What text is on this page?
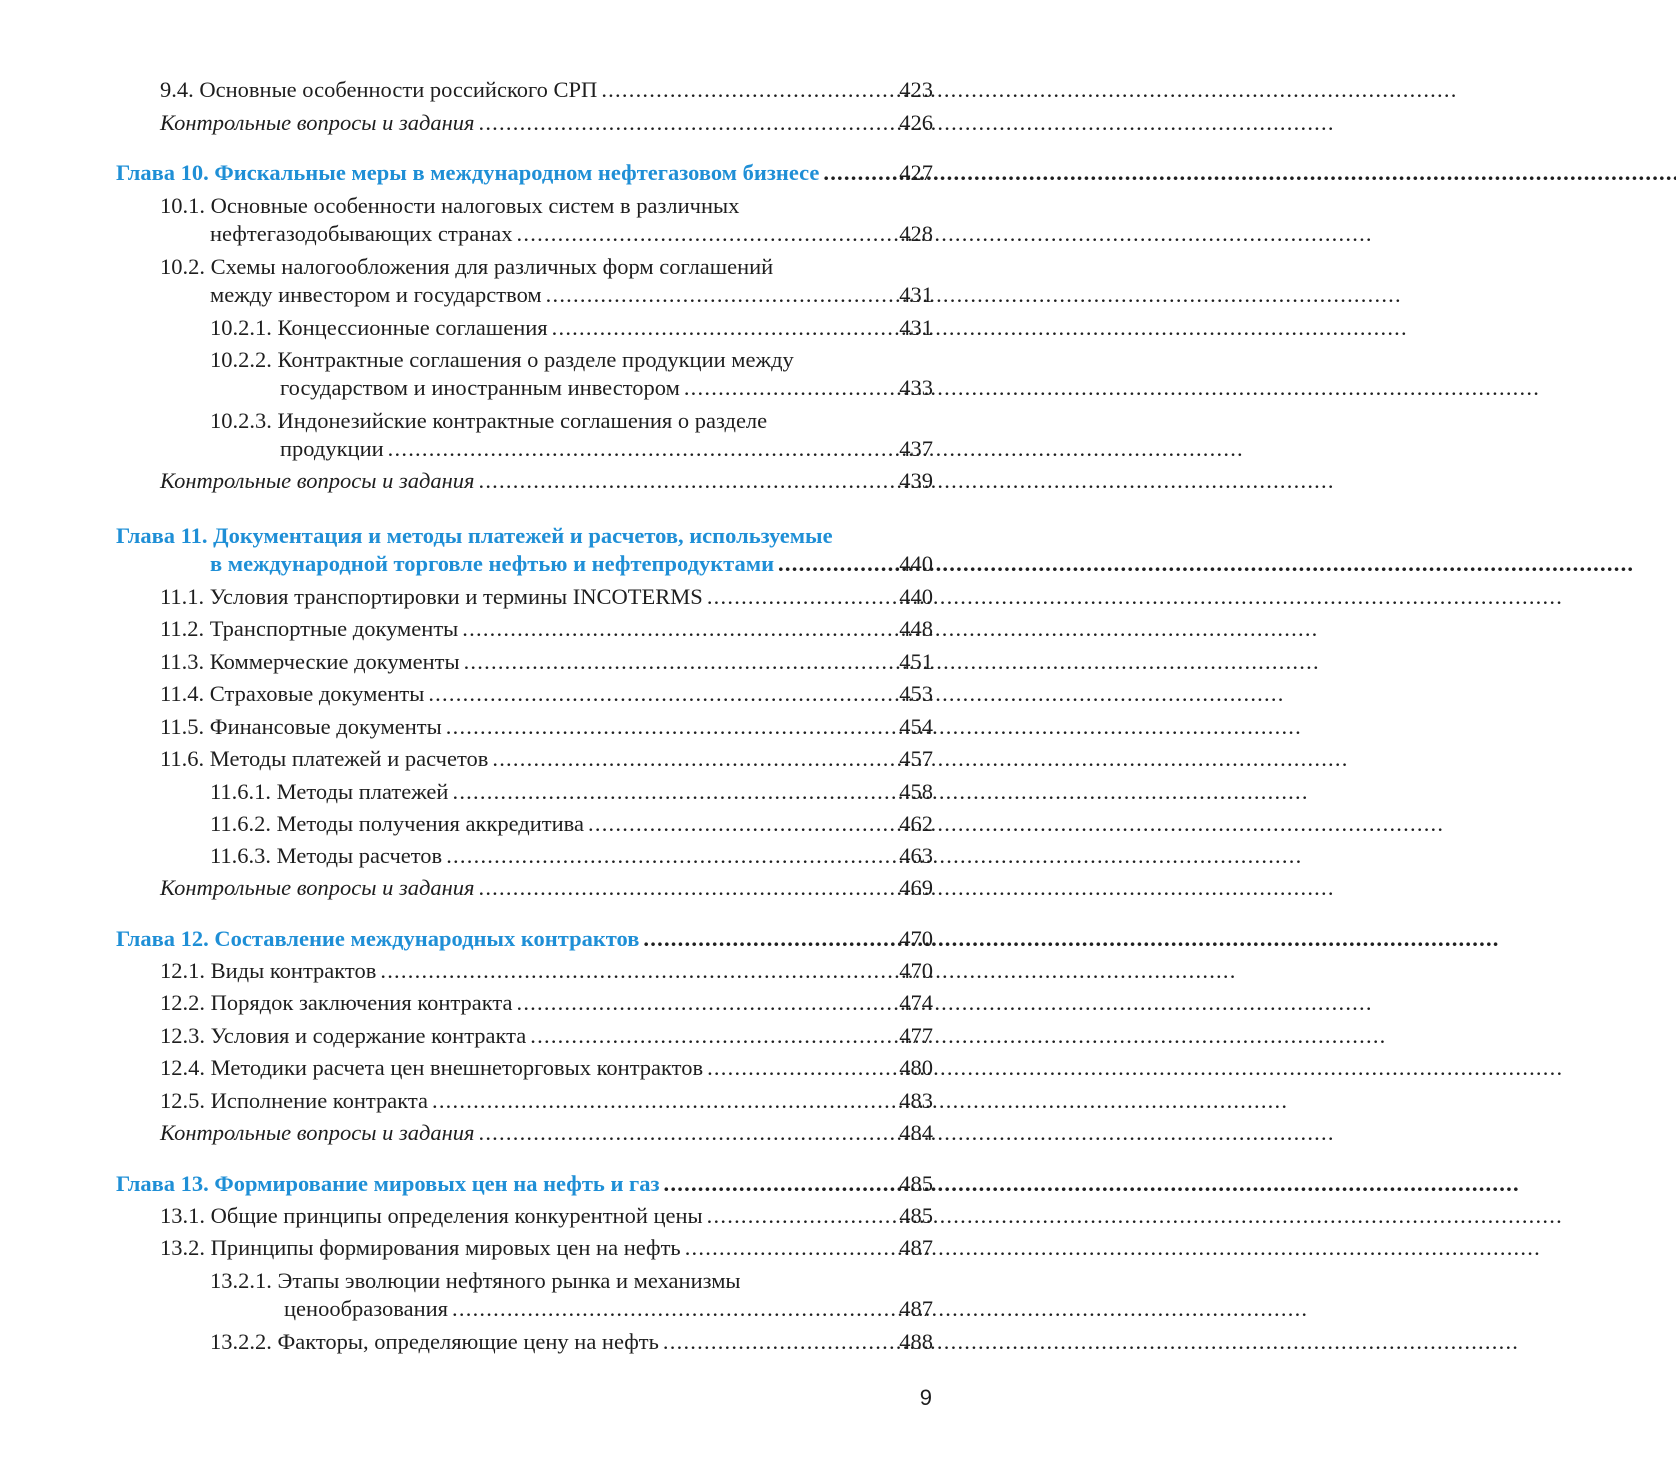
9.4. Основные особенности российского СРП . . .	423
Контрольные вопросы и задания . . .	426
Глава 10. Фискальные меры в международном нефтегазовом бизнесе . . .	427
10.1. Основные особенности налоговых систем в различных
нефтегазодобывающих странах . . .	428
10.2. Схемы налогообложения для различных форм соглашений
между инвестором и государством . . .	431
10.2.1. Концессионные соглашения . . .	431
10.2.2. Контрактные соглашения о разделе продукции между
государством и иностранным инвестором . . .	433
10.2.3. Индонезийские контрактные соглашения о разделе
продукции . . .	437
Контрольные вопросы и задания . . .	439
Глава 11. Документация и методы платежей и расчетов, используемые
в международной торговле нефтью и нефтепродуктами . . .	440
11.1. Условия транспортировки и термины INCOTERMS . . .	440
11.2. Транспортные документы . . .	448
11.3. Коммерческие документы . . .	451
11.4. Страховые документы . . .	453
11.5. Финансовые документы . . .	454
11.6. Методы платежей и расчетов . . .	457
11.6.1. Методы платежей . . .	458
11.6.2. Методы получения аккредитива . . .	462
11.6.3. Методы расчетов . . .	463
Контрольные вопросы и задания . . .	469
Глава 12. Составление международных контрактов . . .	470
12.1. Виды контрактов . . .	470
12.2. Порядок заключения контракта . . .	474
12.3. Условия и содержание контракта . . .	477
12.4. Методики расчета цен внешнеторговых контрактов . . .	480
12.5. Исполнение контракта . . .	483
Контрольные вопросы и задания . . .	484
Глава 13. Формирование мировых цен на нефть и газ . . .	485
13.1. Общие принципы определения конкурентной цены . . .	485
13.2. Принципы формирования мировых цен на нефть . . .	487
13.2.1. Этапы эволюции нефтяного рынка и механизмы
ценообразования . . .	487
13.2.2. Факторы, определяющие цену на нефть . . .	488
9
